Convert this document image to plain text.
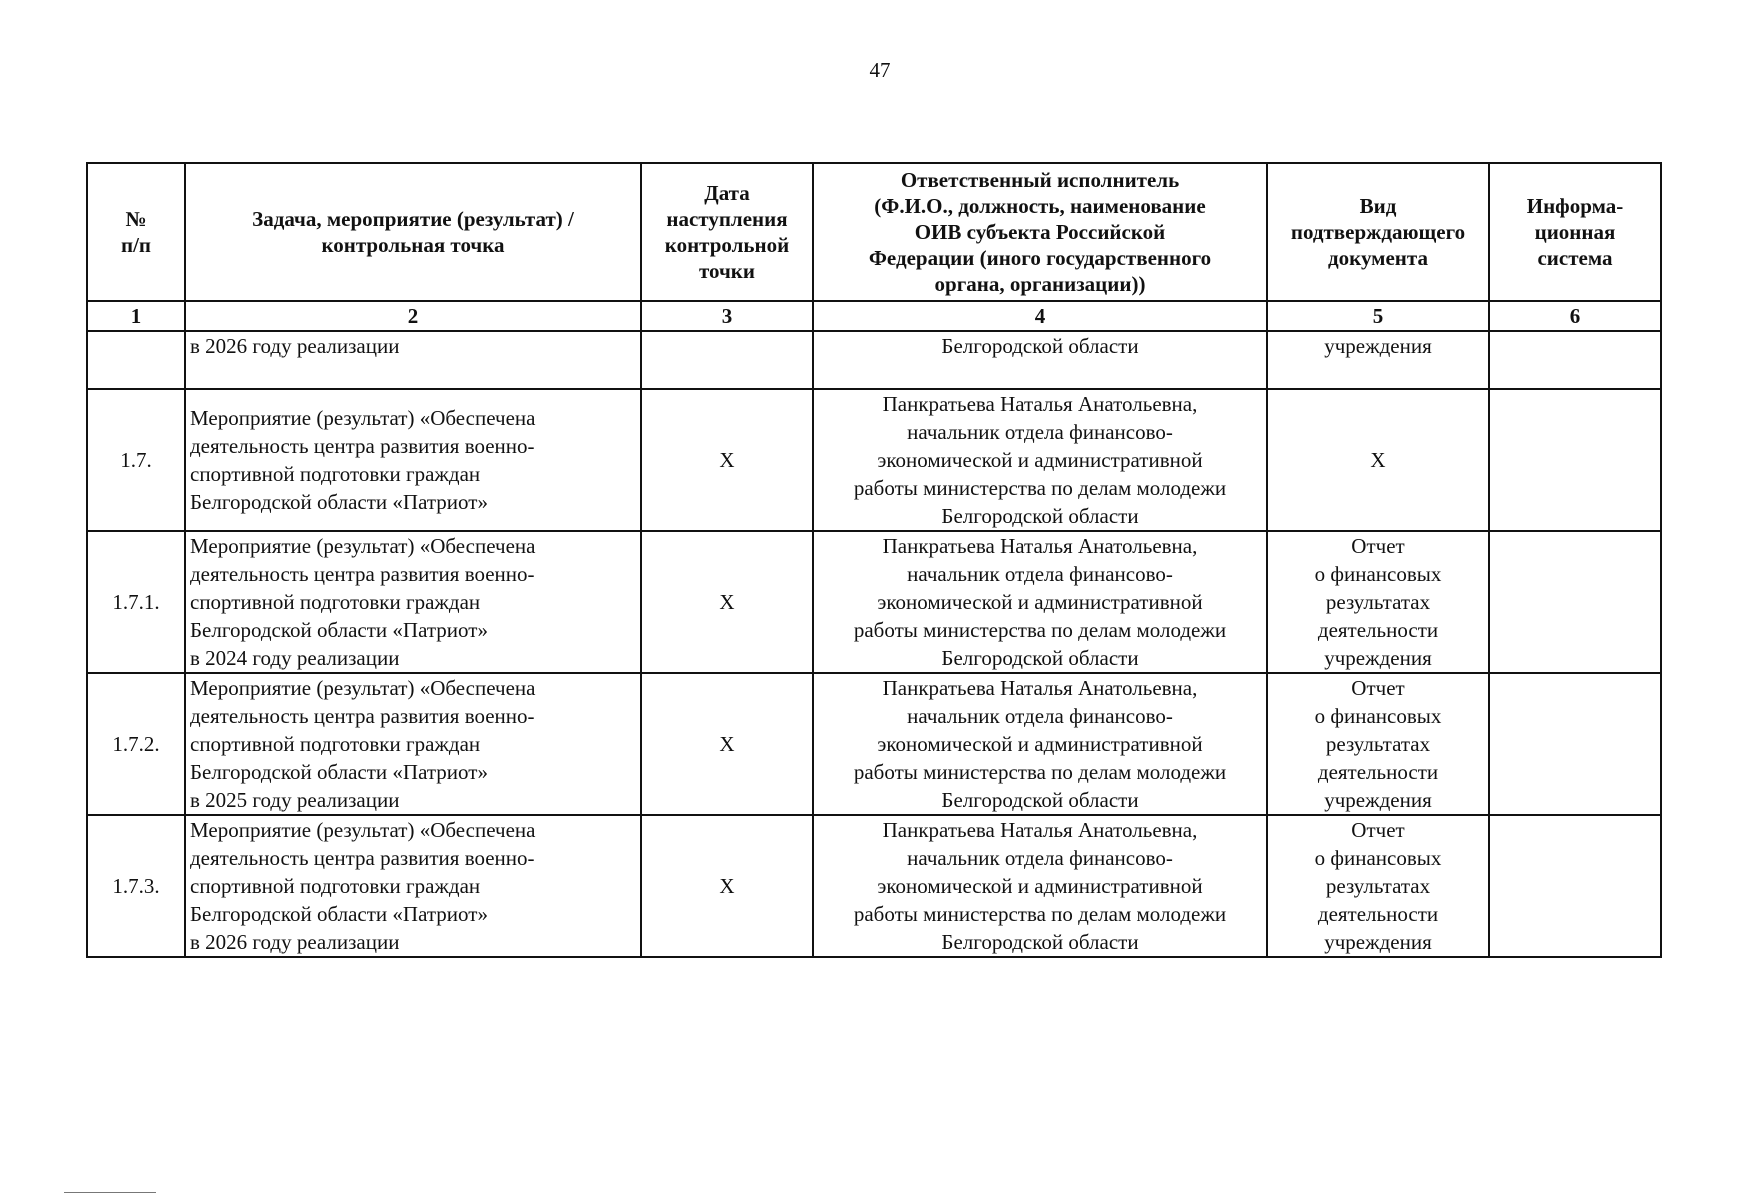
47
№
п/п	Задача, мероприятие (результат) /
контрольная точка	Дата
наступления
контрольной
точки	Ответственный исполнитель
(Ф.И.О., должность, наименование
ОИВ субъекта Российской
Федерации (иного государственного
органа, организации))	Вид
подтверждающего
документа	Информа-
ционная
система

1	2	3	4	5	6

	в 2026 году реализации		Белгородской области	учреждения	

1.7.	Мероприятие (результат) «Обеспечена
деятельность центра развития военно-
спортивной подготовки граждан
Белгородской области «Патриот»	Х	Панкратьева Наталья Анатольевна,
начальник отдела финансово-
экономической и административной
работы министерства по делам молодежи
Белгородской области	Х	

1.7.1.	Мероприятие (результат) «Обеспечена
деятельность центра развития военно-
спортивной подготовки граждан
Белгородской области «Патриот»
в 2024 году реализации	Х	Панкратьева Наталья Анатольевна,
начальник отдела финансово-
экономической и административной
работы министерства по делам молодежи
Белгородской области	Отчет
о финансовых
результатах
деятельности
учреждения	

1.7.2.	Мероприятие (результат) «Обеспечена
деятельность центра развития военно-
спортивной подготовки граждан
Белгородской области «Патриот»
в 2025 году реализации	Х	Панкратьева Наталья Анатольевна,
начальник отдела финансово-
экономической и административной
работы министерства по делам молодежи
Белгородской области	Отчет
о финансовых
результатах
деятельности
учреждения	

1.7.3.	Мероприятие (результат) «Обеспечена
деятельность центра развития военно-
спортивной подготовки граждан
Белгородской области «Патриот»
в 2026 году реализации	Х	Панкратьева Наталья Анатольевна,
начальник отдела финансово-
экономической и административной
работы министерства по делам молодежи
Белгородской области	Отчет
о финансовых
результатах
деятельности
учреждения	
